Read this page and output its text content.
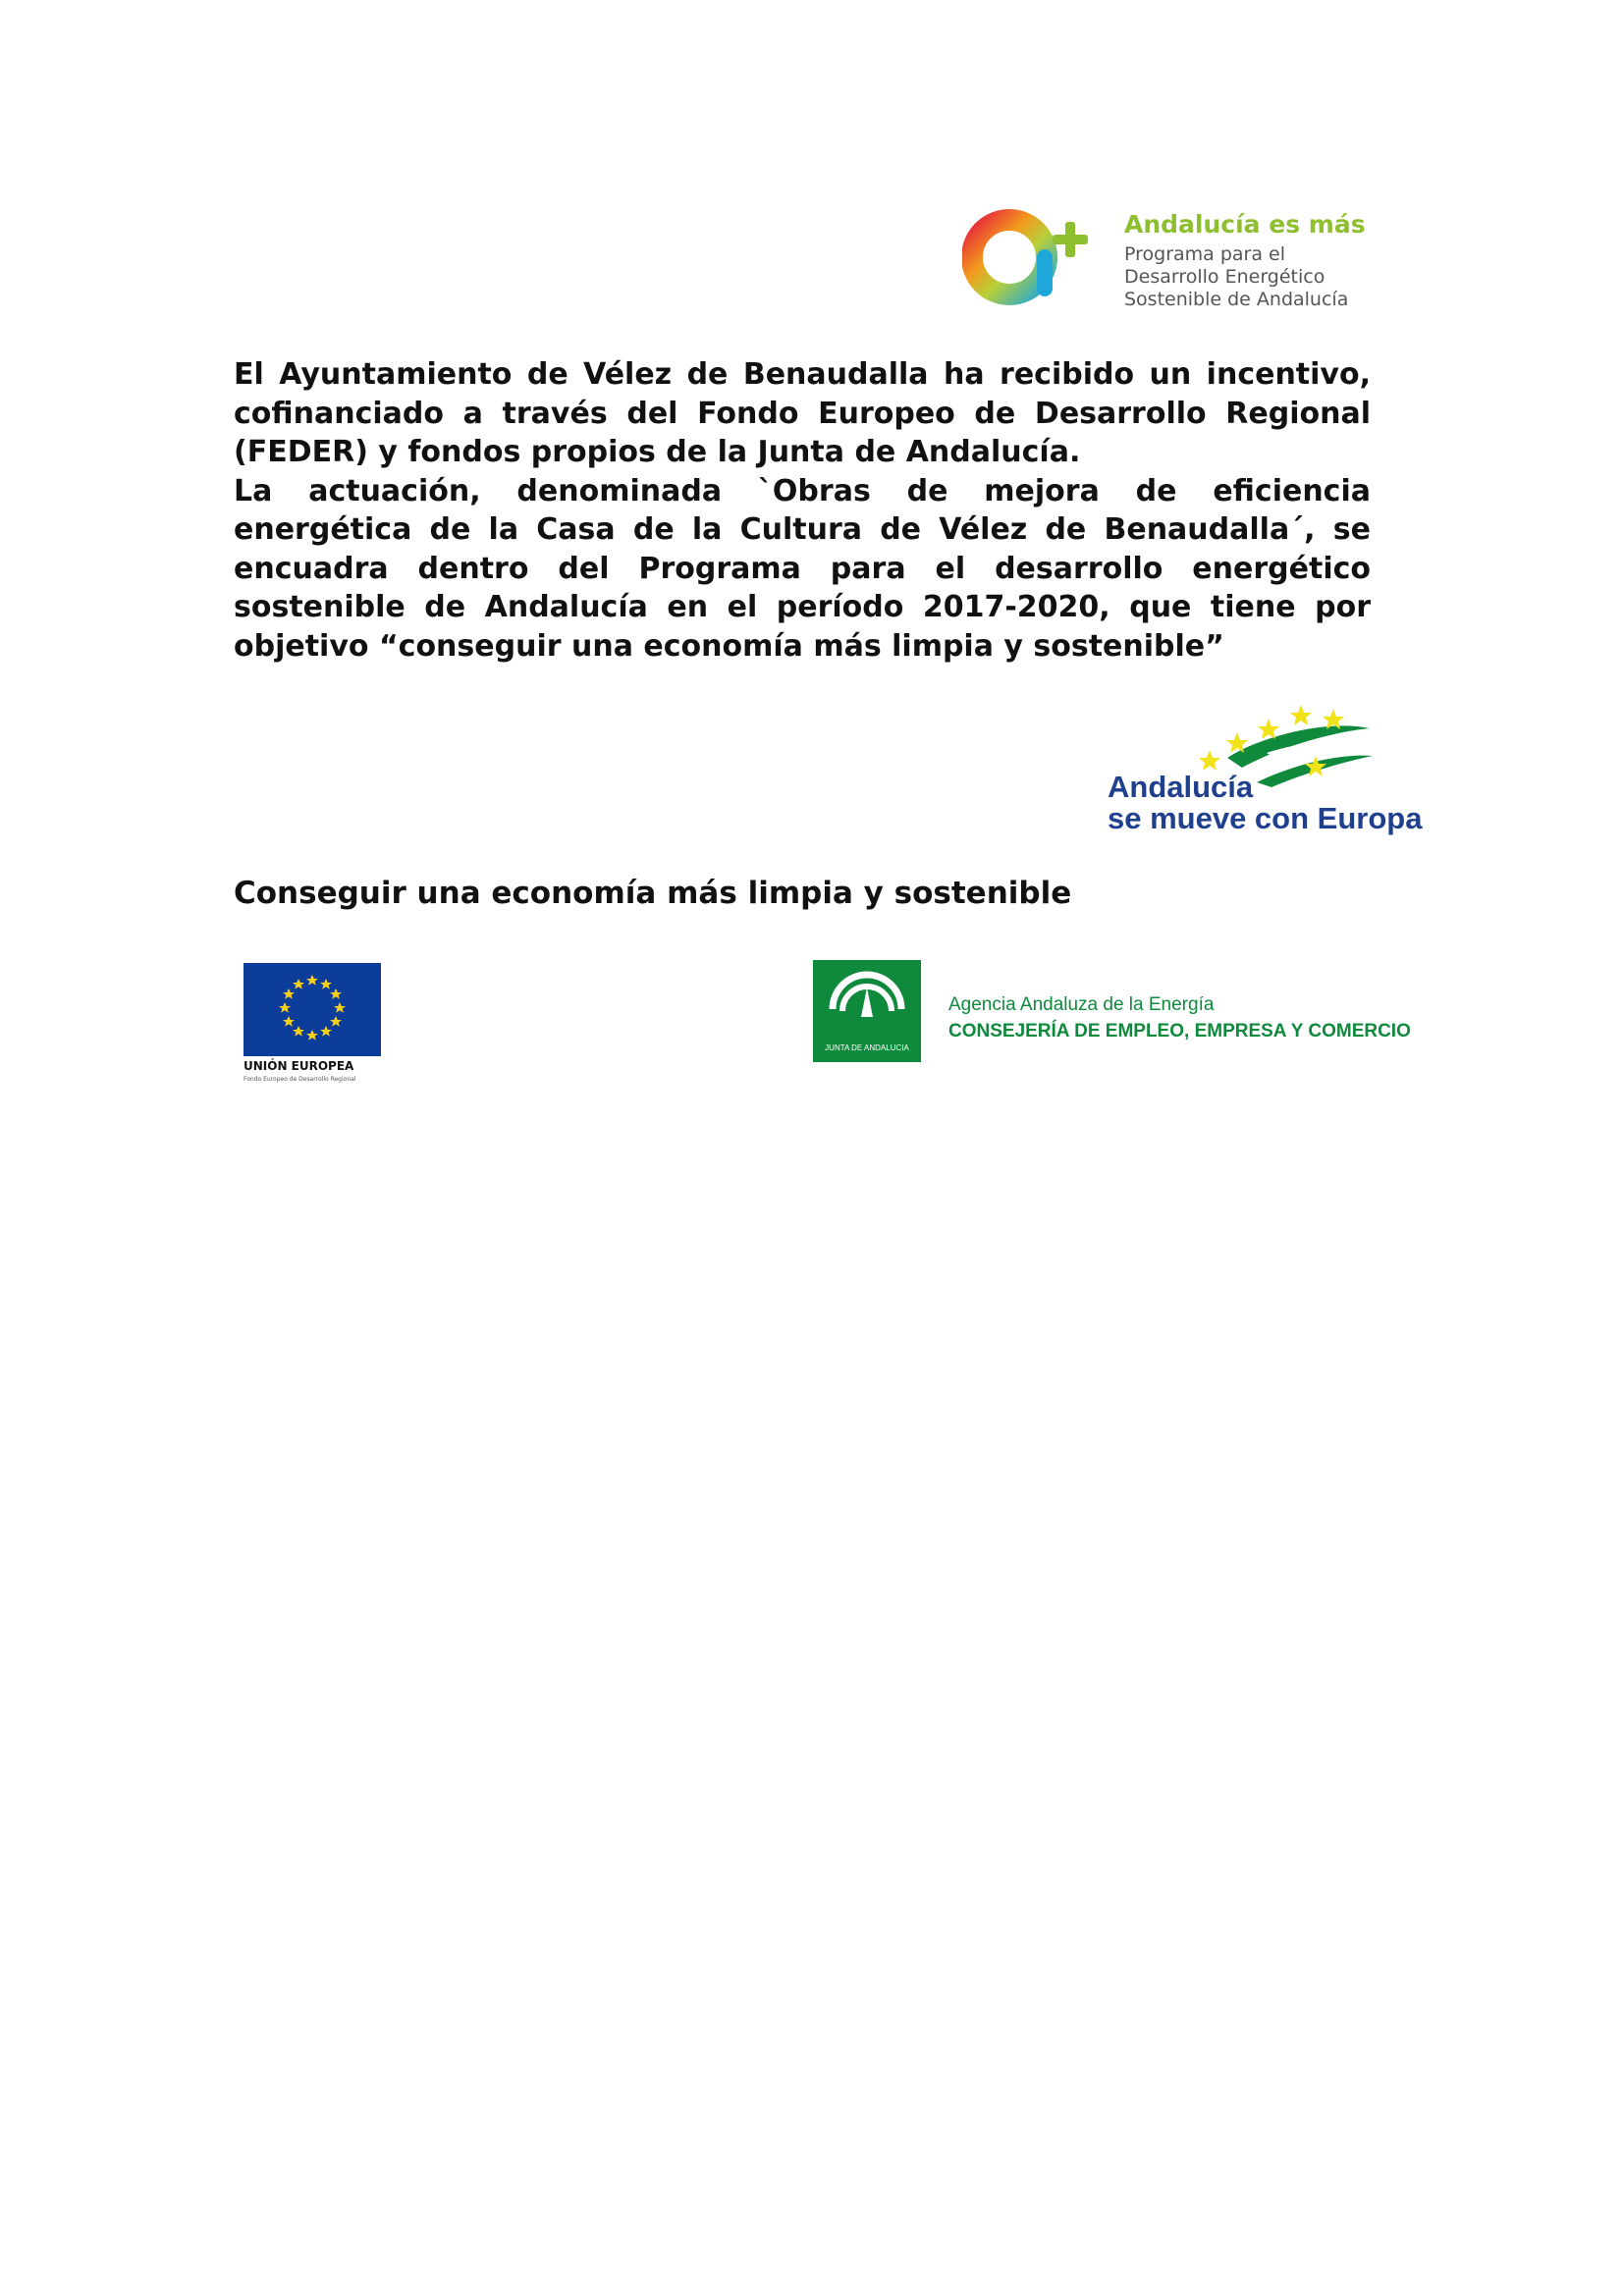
Andalucía es más
Programa para el
Desarrollo Energético
Sostenible de Andalucía

El Ayuntamiento de Vélez de Benaudalla ha recibido un incentivo, cofinanciado a través del Fondo Europeo de Desarrollo Regional (FEDER) y fondos propios de la Junta de Andalucía.

La actuación, denominada `Obras de mejora de eficiencia energética de la Casa de la Cultura de Vélez de Benaudalla´, se encuadra dentro del Programa para el desarrollo energético sostenible de Andalucía en el período 2017-2020, que tiene por objetivo “conseguir una economía más limpia y sostenible”

Andalucía
se mueve con Europa
Conseguir una economía más limpia y sostenible
UNIÓN EUROPEA
Fondo Europeo de Desarrollo Regional
JUNTA DE ANDALUCIA
Agencia Andaluza de la Energía
CONSEJERÍA DE EMPLEO, EMPRESA Y COMERCIO
